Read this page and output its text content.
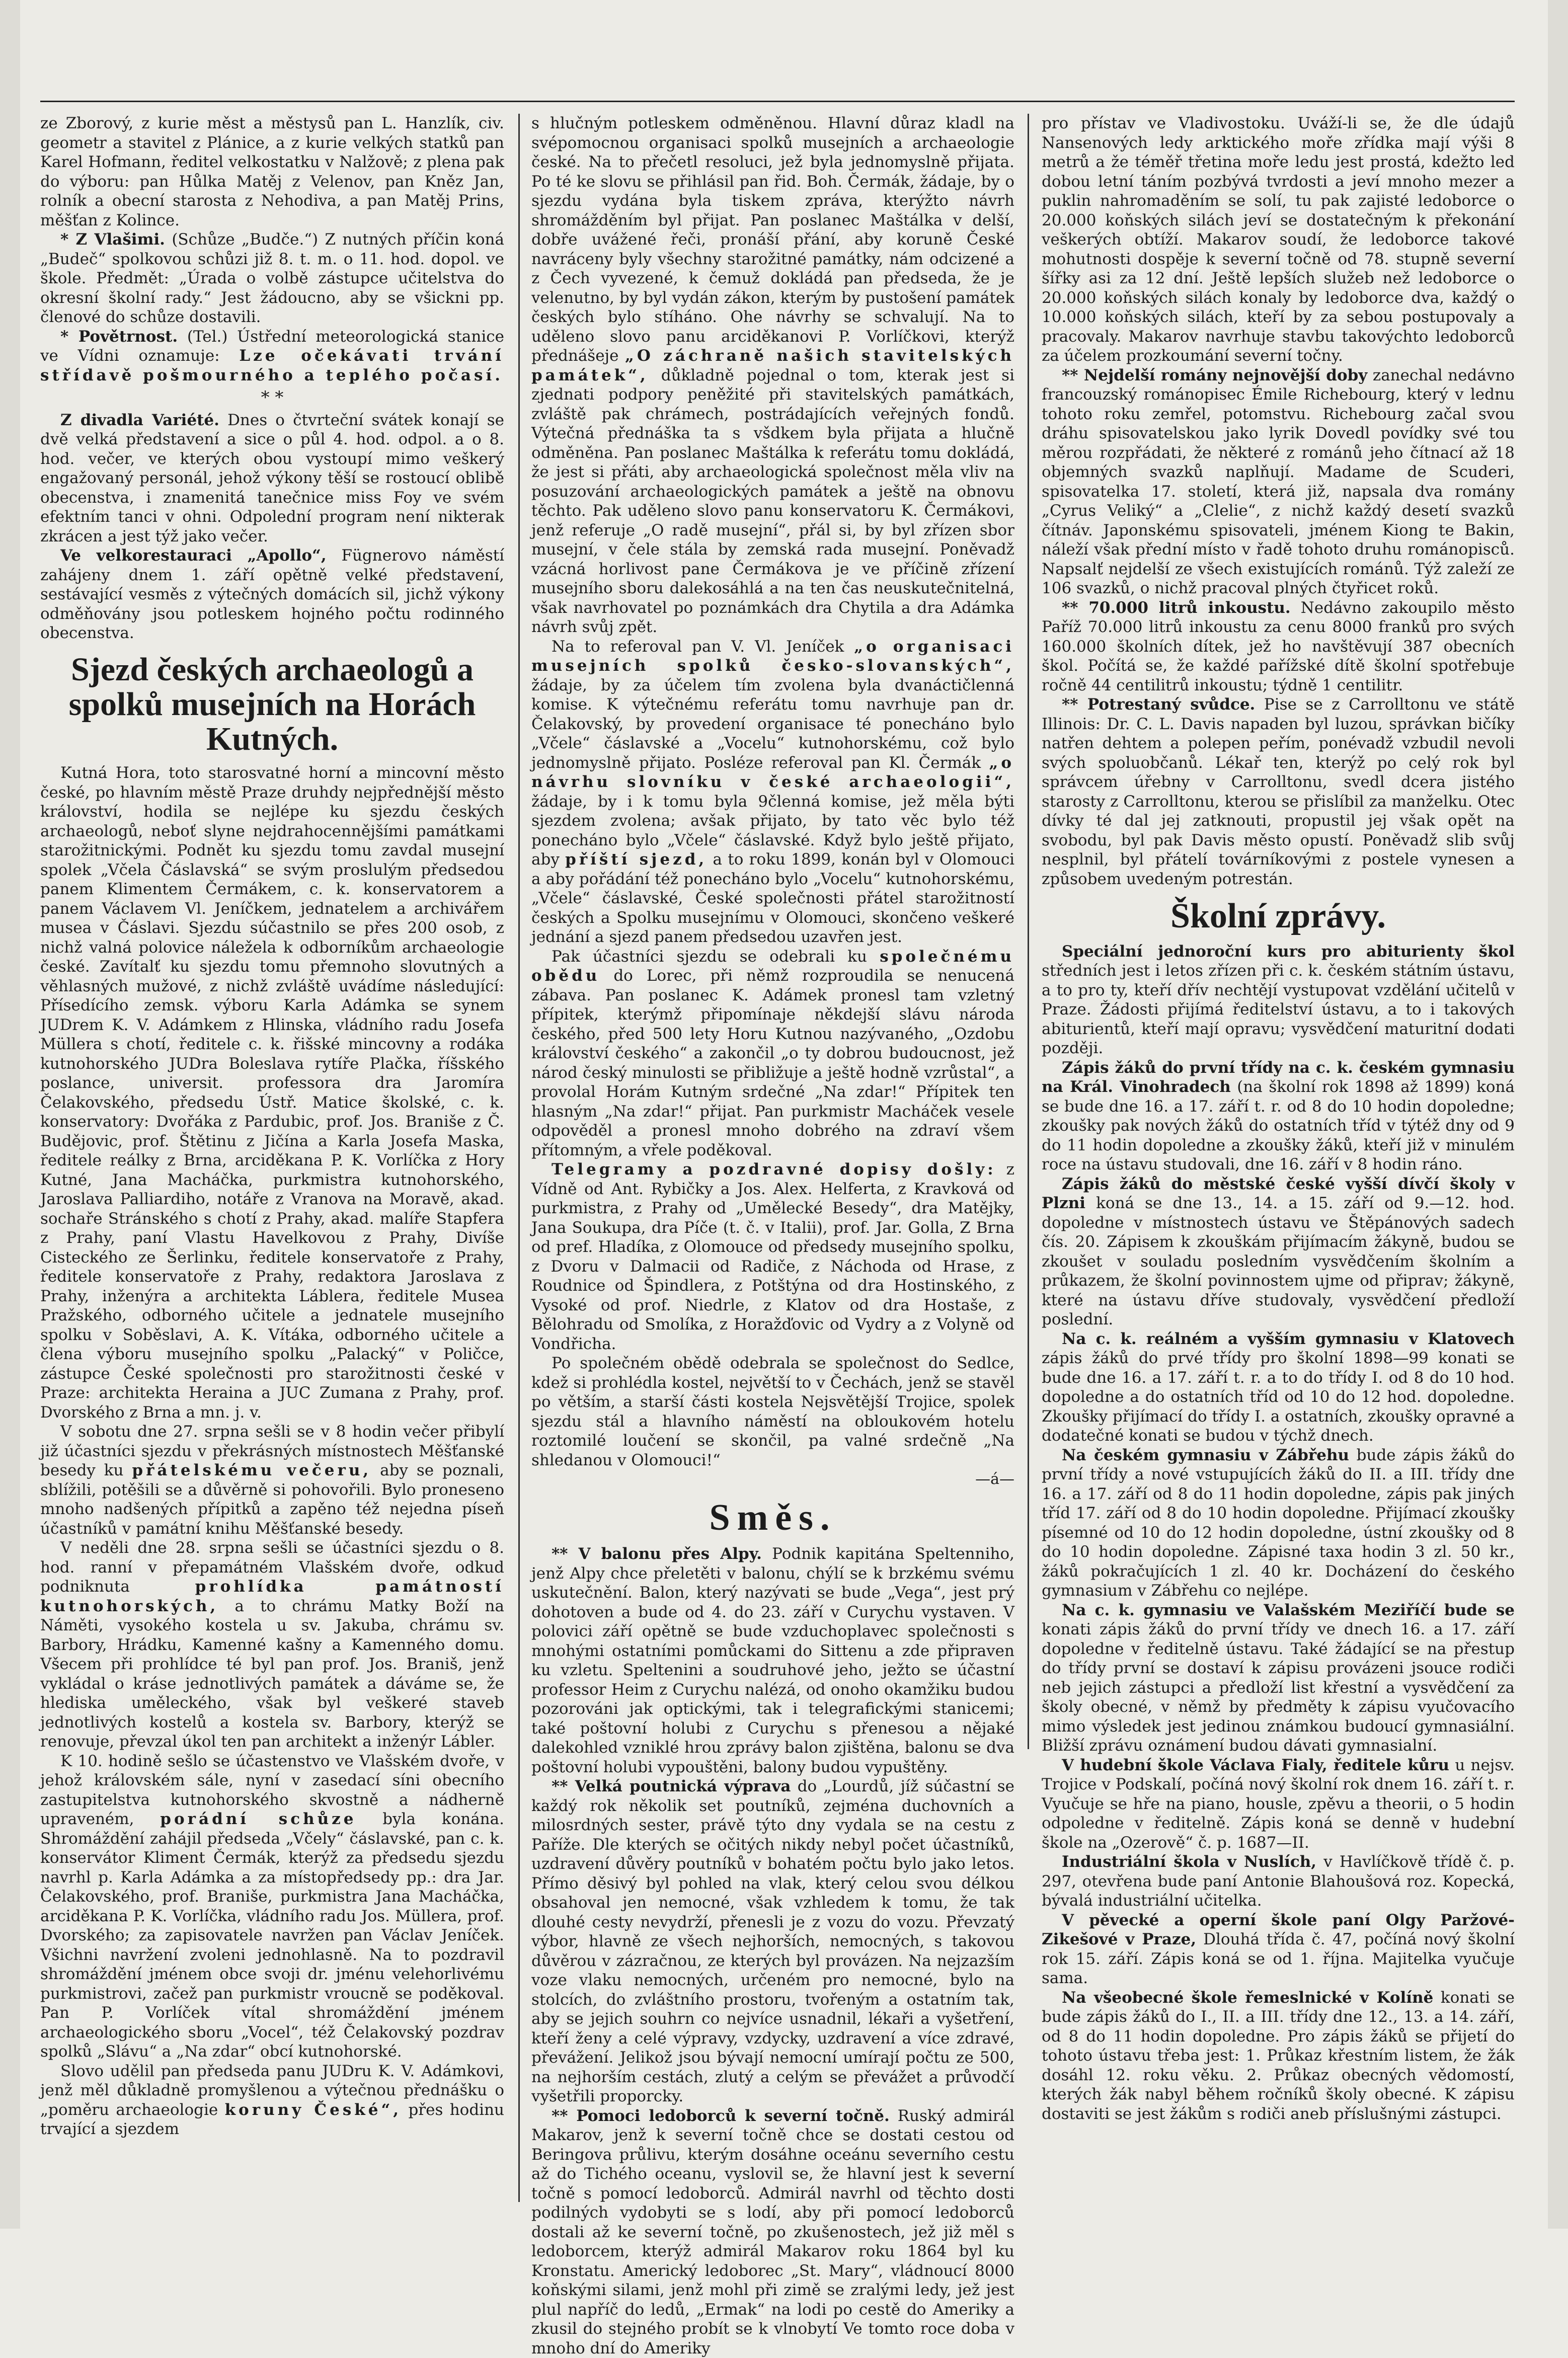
ze Zborový, z kurie měst a městysů pan L. Hanzlík, civ. geometr a stavitel z Plánice, a z kurie velkých statků pan Karel Hofmann, ředitel velkostatku v Nalžově; z plena pak do výboru: pan Hůlka Matěj z Velenov, pan Kněz Jan, rolník a obecní starosta z Nehodiva, a pan Matěj Prins, měšťan z Kolince.

* Z Vlašimi. (Schůze „Budče.“) Z nutných příčin koná „Budeč“ spolkovou schůzi již 8. t. m. o 11. hod. dopol. ve škole. Předmět: „Úrada o volbě zástupce učitelstva do okresní školní rady.“ Jest žádoucno, aby se všickni pp. členové do schůze dostavili.

* Povětrnost. (Tel.) Ústřední meteorologická stanice ve Vídni oznamuje: Lze očekávati trvání střídavě pošmourného a teplého počasí.

* *

Z divadla Variété. Dnes o čtvrteční svátek konají se dvě velká představení a sice o půl 4. hod. odpol. a o 8. hod. večer, ve kterých obou vystoupí mimo veškerý engažovaný personál, jehož výkony těší se rostoucí oblibě obecenstva, i znamenitá tanečnice miss Foy ve svém efektním tanci v ohni. Odpolední program není nikterak zkrácen a jest týž jako večer.

Ve velkorestauraci „Apollo“, Fügnerovo náměstí zahájeny dnem 1. září opětně velké představení, sestávající vesměs z výtečných domácích sil, jichž výkony odměňovány jsou potleskem hojného počtu rodinného obecenstva.

Sjezd českých archaeologů a spolků musejních na Horách Kutných.

Kutná Hora, toto starosvatné horní a mincovní město české, po hlavním městě Praze druhdy nejpřednější město království, hodila se nejlépe ku sjezdu českých archaeologů, neboť slyne nejdrahocennějšími památkami starožitnickými. Podnět ku sjezdu tomu zavdal musejní spolek „Včela Čáslavská“ se svým proslulým předsedou panem Klimentem Čermákem, c. k. konservatorem a panem Václavem Vl. Jeníčkem, jednatelem a archivářem musea v Čáslavi. Sjezdu súčastnilo se přes 200 osob, z nichž valná polovice náležela k odborníkům archaeologie české. Zavítalť ku sjezdu tomu přemnoho slovutných a věhlasných mužové, z nichž zvláště uvádíme následující: Přísedícího zemsk. výboru Karla Adámka se synem JUDrem K. V. Adámkem z Hlinska, vládního radu Josefa Müllera s chotí, ředitele c. k. řišské mincovny a rodáka kutnohorského JUDra Boleslava rytíře Plačka, říšského poslance, universit. professora dra Jaromíra Čelakovského, předsedu Ústř. Matice školské, c. k. konservatory: Dvořáka z Pardubic, prof. Jos. Braniše z Č. Budějovic, prof. Štětinu z Jičína a Karla Josefa Maska, ředitele reálky z Brna, arciděkana P. K. Vorlíčka z Hory Kutné, Jana Macháčka, purkmistra kutnohorského, Jaroslava Palliardiho, notáře z Vranova na Moravě, akad. sochaře Stránského s chotí z Prahy, akad. malíře Stapfera z Prahy, paní Vlastu Havelkovou z Prahy, Divíše Cisteckého ze Šerlinku, ředitele konservatoře z Prahy, ředitele konservatoře z Prahy, redaktora Jaroslava z Prahy, inženýra a architekta Láblera, ředitele Musea Pražského, odborného učitele a jednatele musejního spolku v Soběslavi, A. K. Vítáka, odborného učitele a člena výboru musejního spolku „Palacký“ v Poličce, zástupce České společnosti pro starožitnosti české v Praze: architekta Heraina a JUC Zumana z Prahy, prof. Dvorského z Brna a mn. j. v.

V sobotu dne 27. srpna sešli se v 8 hodin večer přibylí již účastníci sjezdu v překrásných místnostech Měšťanské besedy ku přátelskému večeru, aby se poznali, sblížili, potěšili se a důvěrně si pohovořili. Bylo proneseno mnoho nadšených přípitků a zapěno též nejedna píseň účastníků v památní knihu Měšťanské besedy.

V neděli dne 28. srpna sešli se účastníci sjezdu o 8. hod. ranní v přepamátném Vlašském dvoře, odkud podniknuta	prohlídka památností kutnohorských, a to chrámu Matky Boží na Náměti, vysokého kostela u sv. Jakuba, chrámu sv. Barbory, Hrádku, Kamenné kašny a Kamenného domu. Všecem při prohlídce té byl pan prof. Jos. Braniš, jenž vykládal o kráse jednotlivých památek a dáváme se, že hlediska uměleckého, však byl veškeré staveb jednotlivých kostelů a kostela sv. Barbory, kterýž se renovuje, převzal úkol ten pan architekt a inženýr Lábler.

K 10. hodině sešlo se účastenstvo ve Vlašském dvoře, v jehož královském sále, nyní v zasedací síni obecního zastupitelstva kutnohorského skvostně a nádherně upraveném, porádní schůze byla konána. Shromáždění zahájil předseda „Včely“ čáslavské, pan c. k. konservátor Kliment Čermák, kterýž za předsedu sjezdu navrhl p. Karla Adámka a za místopředsedy pp.: dra Jar. Čelakovského, prof. Braniše, purkmistra Jana Macháčka, arciděkana P. K. Vorlíčka, vládního radu Jos. Müllera, prof. Dvorského; za zapisovatele navržen pan Václav Jeníček. Všichni navržení zvoleni jednohlasně. Na to pozdravil shromáždění jménem obce svoji dr. jménu velehorlivému purkmistrovi, začež pan purkmistr vroucně se poděkoval. Pan P. Vorlíček vítal shromáždění jménem archaeologického sboru „Vocel“, též Čelakovský pozdrav spolků „Slávu“ a „Na zdar“ obcí kutnohorské.

Slovo udělil pan předseda panu JUDru K. V. Adámkovi, jenž měl důkladně promyšlenou a výtečnou přednášku o „poměru archaeologie koruny České“, přes hodinu trvající a sjezdem

s hlučným potleskem odměněnou. Hlavní důraz kladl na svépomocnou organisaci spolků musejních a archaeologie české. Na to přečetl resoluci, jež byla jednomyslně přijata. Po té ke slovu se přihlásil pan řid. Boh. Čermák, žádaje, by o sjezdu vydána byla tiskem zpráva, kterýžto návrh shromážděním byl přijat. Pan poslanec Maštálka v delší, dobře uvážené řeči, pronáší přání, aby koruně České navráceny byly všechny starožitné památky, nám odcizené a z Čech vyvezené, k čemuž dokládá pan předseda, že je velenutno, by byl vydán zákon, kterým by pustošení památek českých bylo stíháno. Ohe návrhy se schvalují. Na to uděleno slovo panu arciděkanovi P. Vorlíčkovi, kterýž přednášeje „O záchraně našich stavitelských památek“, důkladně pojednal o tom, kterak jest si zjednati podpory peněžité při stavitelských památkách, zvláště pak chrámech, postrádajících veřejných fondů. Výtečná přednáška ta s všdkem byla přijata a hlučně odměněna. Pan poslanec Maštálka k referátu tomu dokládá, že jest si přáti, aby archaeologická společnost měla vliv na posuzování archaeologických památek a ještě na obnovu těchto. Pak uděleno slovo panu konservatoru K. Čermákovi, jenž referuje „O radě musejní“, přál si, by byl zřízen sbor musejní, v čele stála by zemská rada musejní. Poněvadž vzácná horlivost pane Čermákova je ve příčině zřízení musejního sboru dalekosáhlá a na ten čas neuskutečnitelná, však navrhovatel po poznámkách dra Chytila a dra Adámka návrh svůj zpět.

Na to referoval pan V. Vl. Jeníček „o organisaci musejních spolků česko-slovanských“, žádaje, by za účelem tím zvolena byla dvanáctičlenná komise. K výtečnému referátu tomu navrhuje pan dr. Čelakovský, by provedení organisace té ponecháno bylo „Včele“ čáslavské a „Vocelu“ kutnohorskému, což bylo jednomyslně přijato. Posléze referoval pan Kl. Čermák „o návrhu slovníku v české archaeologii“, žádaje, by i k tomu byla 9členná komise, jež měla býti sjezdem zvolena; avšak přijato, by tato věc bylo též ponecháno bylo „Včele“ čáslavské. Když bylo ještě přijato, aby příští sjezd, a to roku 1899, konán byl v Olomouci a aby pořádání též ponecháno bylo „Vocelu“ kutnohorskému, „Včele“ čáslavské, České společnosti přátel starožitností českých a Spolku musejnímu v Olomouci, skončeno veškeré jednání a sjezd panem předsedou uzavřen jest.

Pak účastníci sjezdu se odebrali ku společnému obědu do Lorec, při němž rozproudila se nenucená zábava. Pan poslanec K. Adámek pronesl tam vzletný přípitek, kterýmž připomínaje někdejší slávu národa českého, před 500 lety Horu Kutnou nazývaného, „Ozdobu království českého“ a zakončil „o ty dobrou budoucnost, jež národ český minulosti se přibližuje a ještě hodně vzrůstal“, a provolal Horám Kutným srdečné „Na zdar!“ Přípitek ten hlasným „Na zdar!“ přijat. Pan purkmistr Macháček vesele odpověděl a pronesl mnoho dobrého na zdraví všem přítomným, a vřele poděkoval.

Telegramy a pozdravné dopisy došly: z Vídně od Ant. Rybičky a Jos. Alex. Helferta, z Kravková od purkmistra, z Prahy od „Umělecké Besedy“, dra Matějky, Jana Soukupa, dra Píče (t. č. v Italii), prof. Jar. Golla, Z Brna od pref. Hladíka, z Olomouce od předsedy musejního spolku, z Dvoru v Dalmacii od Radiče, z Náchoda od Hrase, z Roudnice od Špindlera, z Potštýna od dra Hostinského, z Vysoké od prof. Niedrle, z Klatov od dra Hostaše, z Bělohradu od Smolíka, z Horažďovic od Vydry a z Volyně od Vondřicha.

Po společném obědě odebrala se společnost do Sedlce, kdež si prohlédla kostel, největší to v Čechách, jenž se stavěl po větším, a starší části kostela Nejsvětější Trojice, spolek sjezdu stál a hlavního náměstí na obloukovém hotelu roztomilé loučení se skončil, pa valné srdečně „Na shledanou v Olomouci!“

—á—
Směs.

** V balonu přes Alpy. Podnik kapitána Speltenniho, jenž Alpy chce přeletěti v balonu, chýlí se k brzkému svému uskutečnění. Balon, který nazývati se bude „Vega“, jest prý dohotoven a bude od 4. do 23. září v Curychu vystaven. V polovici září opětně se bude vzduchoplavec společnosti s mnohými ostatními pomůckami do Sittenu a zde připraven ku vzletu. Speltenini a soudruhové jeho, ježto se účastní professor Heim z Curychu nalézá, od onoho okamžiku budou pozorováni jak optickými, tak i telegrafickými stanicemi; také poštovní holubi z Curychu s přenesou a nějaké dalekohled vzniklé hrou zprávy balon zjištěna, balonu se dva poštovní holubi vypouštěni, balony budou vypuštěny.

** Velká poutnická výprava do „Lourdů, jíž súčastní se každý rok několik set poutníků, zejména duchovních a milosrdných sester, právě týto dny vydala se na cestu z Paříže. Dle kterých se očitých nikdy nebyl počet účastníků, uzdravení důvěry poutníků v bohatém počtu bylo jako letos. Přímo děsivý byl pohled na vlak, který celou svou délkou obsahoval jen nemocné, však vzhledem k tomu, že tak dlouhé cesty nevydrží, přenesli je z vozu do vozu. Převzatý výbor, hlavně ze všech nejhorších, nemocných, s takovou důvěrou v zázračnou, ze kterých byl provázen. Na nejzazším voze vlaku nemocných, určeném pro nemocné, bylo na stolcích, do zvláštního prostoru, tvořeným a ostatním tak, aby se jejich souhrn co nejvíce usnadnil, lékaři a vyšetření, kteří ženy a celé výpravy, vzdycky, uzdravení a více zdravé, převážení. Jelikož jsou bývají nemocní umírají počtu ze 500, na nejhorším cestách, zlutý a celým se převážet a průvodčí vyšetřili proporcky.

** Pomoci ledoborců k severní točně. Ruský admirál Makarov, jenž k severní točně chce se dostati cestou od Beringova průlivu, kterým dosáhne oceánu severního cestu až do Tichého oceanu, vyslovil se, že hlavní jest k severní točně s pomocí ledoborců. Admirál navrhl od těchto dosti podilných vydobyti se s lodí, aby při pomocí ledoborců dostali až ke severní točně, po zkušenostech, jež již měl s ledoborcem, kterýž admirál Makarov roku 1864 byl ku Kronstatu. Americký ledoborec „St. Mary“, vládnoucí 8000 koňskými silami, jenž mohl při zimě se zralými ledy, jež jest plul napříč do ledů, „Ermak“ na lodi po cestě do Ameriky a zkusil do stejného probít se k vlnobytí Ve tomto roce doba v mnoho dní do Ameriky

pro přístav ve Vladivostoku. Uváží-li se, že dle údajů Nansenových ledy arktického moře zřídka mají výši 8 metrů a že téměř třetina moře ledu jest prostá, kdežto led dobou letní táním pozbývá tvrdosti a jeví mnoho mezer a puklin nahromaděním se solí, tu pak zajisté ledoborce o 20.000 koňských silách jeví se dostatečným k překonání veškerých obtíží. Makarov soudí, že ledoborce takové mohutnosti dospěje k severní točně od 78. stupně severní šířky asi za 12 dní. Ještě lepších služeb než ledoborce o 20.000 koňských silách konaly by ledoborce dva, každý o 10.000 koňských silách, kteří by za sebou postupovaly a pracovaly. Makarov navrhuje stavbu takovýchto ledoborců za účelem prozkoumání severní točny.

** Nejdelší romány nejnovější doby zanechal nedávno francouzský románopisec Émile Richebourg, který v lednu tohoto roku zemřel, potomstvu. Richebourg začal svou dráhu spisovatelskou jako lyrik Dovedl povídky své tou měrou rozpřádati, že některé z románů jeho čítnací až 18 objemných svazků naplňují. Madame de Scuderi, spisovatelka 17. století, která již, napsala dva romány „Cyrus Veliký“ a „Clelie“, z nichž každý desetí svazků čítnáv. Japonskému spisovateli, jménem Kiong te Bakin, náleží však přední místo v řadě tohoto druhu románopisců. Napsalť nejdelší ze všech existujících románů. Týž zaleží ze 106 svazků, o nichž pracoval plných čtyřicet roků.

** 70.000 litrů inkoustu. Nedávno zakoupilo město Paříž 70.000 litrů inkoustu za cenu 8000 franků pro svých 160.000 školních dítek, jež ho navštěvují 387 obecních škol. Počítá se, že každé pařížské dítě školní spotřebuje ročně 44 centilitrů inkoustu; týdně 1 centilitr.

** Potrestaný svůdce. Pise se z Carrolltonu ve státě Illinois: Dr. C. L. Davis napaden byl luzou, správkan bičíky natřen dehtem a polepen peřím, ponévadž vzbudil nevoli svých spoluobčanů. Lékař ten, kterýž po celý rok byl správcem úřebny v Carrolltonu, svedl dcera jistého starosty z Carrolltonu, kterou se přislíbil za manželku. Otec dívky té dal jej zatknouti, propustil jej však opět na svobodu, byl pak Davis město opustí. Poněvadž slib svůj nesplnil, byl přátelí továrníkovými z postele vynesen a způsobem uvedeným potrestán.

Školní zprávy.

Speciální jednoroční kurs pro abiturienty škol středních jest i letos zřízen při c. k. českém státním ústavu, a to pro ty, kteří dřív nechtějí vystupovat vzdělání učitelů v Praze. Žádosti přijímá ředitelství ústavu, a to i takových abiturientů, kteří mají opravu; vysvědčení maturitní dodati později.

Zápis žáků do první třídy na c. k. českém gymnasiu na Král. Vinohradech (na školní rok 1898 až 1899) koná se bude dne 16. a 17. září t. r. od 8 do 10 hodin dopoledne; zkoušky pak nových žáků do ostatních tříd v týtéž dny od 9 do 11 hodin dopoledne a zkoušky žáků, kteří již v minulém roce na ústavu studovali, dne 16. září v 8 hodin ráno.

Zápis žáků do městské české vyšší dívčí školy v Plzni koná se dne 13., 14. a 15. září od 9.—12. hod. dopoledne v místnostech ústavu ve Štěpánových sadech čís. 20. Zápisem k zkouškám přijímacím žákyně, budou se zkoušet v souladu posledním vysvědčením školním a průkazem, že školní povinnostem ujme od připrav; žákyně, které na ústavu dříve studovaly, vysvědčení předloží poslední.

Na c. k. reálném a vyšším gymnasiu v Klatovech zápis žáků do prvé třídy pro školní 1898—99 konati se bude dne 16. a 17. září t. r. a to do třídy I. od 8 do 10 hod. dopoledne a do ostatních tříd od 10 do 12 hod. dopoledne. Zkoušky přijímací do třídy I. a ostatních, zkoušky opravné a dodatečné konati se budou v týchž dnech.

Na českém gymnasiu v Zábřehu bude zápis žáků do první třídy a nové vstupujících žáků do II. a III. třídy dne 16. a 17. září od 8 do 11 hodin dopoledne, zápis pak jiných tříd 17. září od 8 do 10 hodin dopoledne. Přijímací zkoušky písemné od 10 do 12 hodin dopoledne, ústní zkoušky od 8 do 10 hodin dopoledne. Zápisné taxa hodin 3 zl. 50 kr., žáků pokračujících 1 zl. 40 kr. Docházení do českého gymnasium v Zábřehu co nejlépe.

Na c. k. gymnasiu ve Valašském Meziříčí bude se konati zápis žáků do první třídy ve dnech 16. a 17. září dopoledne v ředitelně ústavu. Také žádající se na přestup do třídy první se dostaví k zápisu provázeni jsouce rodiči neb jejich zástupci a předloží list křestní a vysvědčení za školy obecné, v němž by předměty k zápisu vyučovacího mimo výsledek jest jedinou známkou budoucí gymnasiální. Bližší zprávu oznámení budou dávati gymnasialní.

V hudební škole Václava Fialy, ředitele kůru u nejsv. Trojice v Podskalí, počíná nový školní rok dnem 16. září t. r. Vyučuje se hře na piano, housle, zpěvu a theorii, o 5 hodin odpoledne v ředitelně. Zápis koná se denně v hudební škole na „Ozerově“ č. p. 1687—II.

Industriální škola v Nuslích, v Havlíčkově třídě č. p. 297, otevřena bude paní Antonie Blahoušová roz. Kopecká, bývalá industriální učitelka.

V pěvecké a operní škole paní Olgy Paržové-Zikešové v Praze, Dlouhá třída č. 47, počíná nový školní rok 15. září. Zápis koná se od 1. října. Majitelka vyučuje sama.

Na všeobecné škole řemeslnické v Kolíně konati se bude zápis žáků do I., II. a III. třídy dne 12., 13. a 14. září, od 8 do 11 hodin dopoledne. Pro zápis žáků se přijetí do tohoto ústavu třeba jest: 1. Průkaz křestním listem, že žák dosáhl 12. roku věku. 2. Průkaz obecných vědomostí, kterých žák nabyl během ročníků školy obecné. K zápisu dostaviti se jest žákům s rodiči aneb příslušnými zástupci.
